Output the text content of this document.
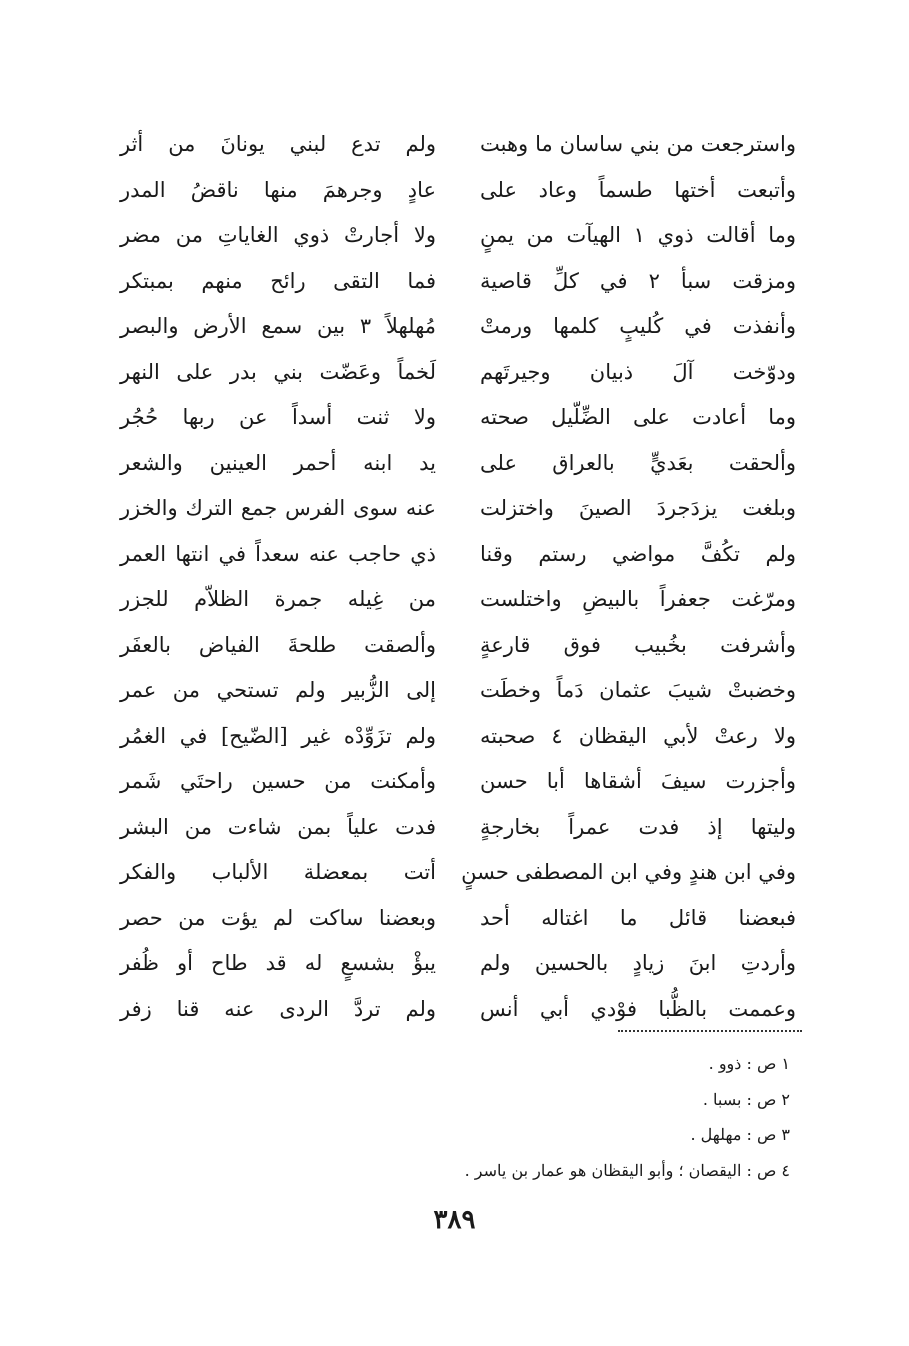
واسترجعت من بني ساسان ما وهبت
ولم تدع لبني يونانَ من أثر
وأتبعت أختها طسماً وعاد على
عادٍ وجرهمَ منها ناقضُ المدر
وما أقالت ذوي ١ الهيآت من يمنٍ
ولا أجارتْ ذوي الغاياتِ من مضر
ومزقت سبأ ٢ في كلِّ قاصية
فما التقى رائح منهم بمبتكر
وأنفذت في كُليبٍ كلمها ورمتْ
مُهلهلاً ٣ بين سمع الأرض والبصر
ودوّخت آلَ ذبيان وجيرتَهم
لَخماً وعَضّت بني بدر على النهر
وما أعادت على الضِّلّيل صحته
ولا ثنت أسداً عن ربها حُجُر
وألحقت بعَديٍّ بالعراق على
يد ابنه أحمر العينين والشعر
وبلغت يزدَجردَ الصينَ واختزلت
عنه سوى الفرس جمع الترك والخزر
ولم تكُفَّ مواضي رستم وقنا
ذي حاجب عنه سعداً في انتها العمر
ومرّغت جعفراً بالبيضِ واختلست
من غِيله جمرة الظلاّم للجزر
وأشرفت بخُبيب فوق قارعةٍ
وألصقت طلحةَ الفياض بالعفَر
وخضبتْ شيبَ عثمان دَماً وخطَت
إلى الزُّبير ولم تستحي من عمر
ولا رعتْ لأبي اليقظان ٤ صحبته
ولم تزَوِّدْه غير [الضّيح] في الغمُر
وأجزرت سيفَ أشقاها أبا حسن
وأمكنت من حسين راحتَي شَمر
وليتها إذ فدت عمراً بخارجةٍ
فدت علياً بمن شاءت من البشر
وفي ابن هندٍ وفي ابن المصطفى حسنٍ
أتت بمعضلة الألباب والفكر
فبعضنا قائل ما اغتاله أحد
وبعضنا ساكت لم يؤت من حصر
وأردتِ ابنَ زيادٍ بالحسين ولم
يبؤْ بشسعٍ له قد طاح أو ظُفر
وعممت بالظُّبا فوْدي أبي أنس
ولم تردَّ الردى عنه قنا زفر
١ ص : ذوو .
٢ ص : بسبا .
٣ ص : مهلهل .
٤ ص : اليقصان ؛ وأبو اليقظان هو عمار بن ياسر .
٣٨٩
